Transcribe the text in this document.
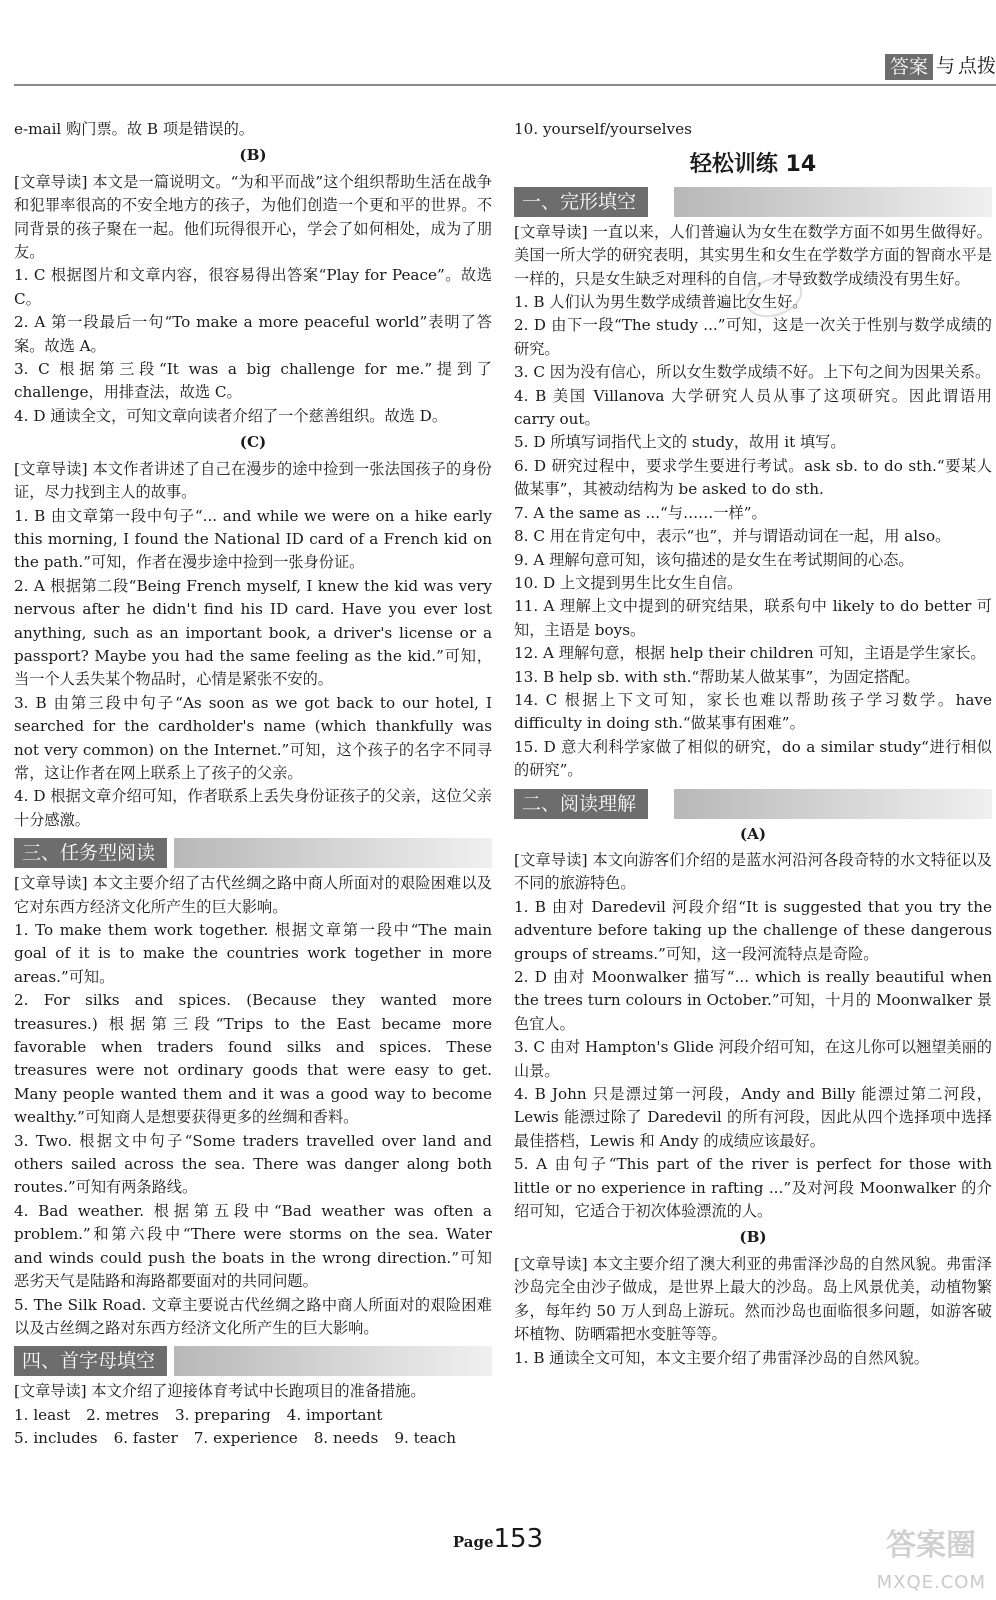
答案 与 点拨

e-mail 购门票。故 B 项是错误的。

(B)

[文章导读] 本文是一篇说明文。“为和平而战”这个组织帮助生活在战争和犯罪率很高的不安全地方的孩子，为他们创造一个更和平的世界。不同背景的孩子聚在一起。他们玩得很开心，学会了如何相处，成为了朋友。

1. C 根据图片和文章内容，很容易得出答案“Play for Peace”。故选 C。

2. A 第一段最后一句“To make a more peaceful world”表明了答案。故选 A。

3. C 根据第三段“It was a big challenge for me.”提到了 challenge，用排查法，故选 C。

4. D 通读全文，可知文章向读者介绍了一个慈善组织。故选 D。

(C)

[文章导读] 本文作者讲述了自己在漫步的途中捡到一张法国孩子的身份证，尽力找到主人的故事。

1. B 由文章第一段中句子“... and while we were on a hike early this morning, I found the National ID card of a French kid on the path.”可知，作者在漫步途中捡到一张身份证。

2. A 根据第二段“Being French myself, I knew the kid was very nervous after he didn't find his ID card. Have you ever lost anything, such as an important book, a driver's license or a passport? Maybe you had the same feeling as the kid.”可知，当一个人丢失某个物品时，心情是紧张不安的。

3. B 由第三段中句子“As soon as we got back to our hotel, I searched for the cardholder's name (which thankfully was not very common) on the Internet.”可知，这个孩子的名字不同寻常，这让作者在网上联系上了孩子的父亲。

4. D 根据文章介绍可知，作者联系上丢失身份证孩子的父亲，这位父亲十分感激。

三、任务型阅读

[文章导读] 本文主要介绍了古代丝绸之路中商人所面对的艰险困难以及它对东西方经济文化所产生的巨大影响。

1. To make them work together. 根据文章第一段中“The main goal of it is to make the countries work together in more areas.”可知。

2. For silks and spices. (Because they wanted more treasures.) 根据第三段“Trips to the East became more favorable when traders found silks and spices. These treasures were not ordinary goods that were easy to get. Many people wanted them and it was a good way to become wealthy.”可知商人是想要获得更多的丝绸和香料。

3. Two. 根据文中句子“Some traders travelled over land and others sailed across the sea. There was danger along both routes.”可知有两条路线。

4. Bad weather. 根据第五段中“Bad weather was often a problem.”和第六段中“There were storms on the sea. Water and winds could push the boats in the wrong direction.”可知恶劣天气是陆路和海路都要面对的共同问题。

5. The Silk Road. 文章主要说古代丝绸之路中商人所面对的艰险困难以及古丝绸之路对东西方经济文化所产生的巨大影响。

四、首字母填空

[文章导读] 本文介绍了迎接体育考试中长跑项目的准备措施。

1. least 2. metres 3. preparing 4. important
5. includes 6. faster 7. experience 8. needs 9. teach

10. yourself/yourselves

轻松训练 14
一、完形填空

[文章导读] 一直以来，人们普遍认为女生在数学方面不如男生做得好。美国一所大学的研究表明，其实男生和女生在学数学方面的智商水平是一样的，只是女生缺乏对理科的自信，才导致数学成绩没有男生好。

1. B 人们认为男生数学成绩普遍比女生好。

2. D 由下一段“The study ...”可知，这是一次关于性别与数学成绩的研究。

3. C 因为没有信心，所以女生数学成绩不好。上下句之间为因果关系。

4. B 美国 Villanova 大学研究人员从事了这项研究。因此谓语用 carry out。

5. D 所填写词指代上文的 study，故用 it 填写。

6. D 研究过程中，要求学生要进行考试。ask sb. to do sth.“要某人做某事”，其被动结构为 be asked to do sth.

7. A the same as ...“与……一样”。

8. C 用在肯定句中，表示“也”，并与谓语动词在一起，用 also。

9. A 理解句意可知，该句描述的是女生在考试期间的心态。

10. D 上文提到男生比女生自信。

11. A 理解上文中提到的研究结果，联系句中 likely to do better 可知，主语是 boys。

12. A 理解句意，根据 help their children 可知，主语是学生家长。

13. B help sb. with sth.“帮助某人做某事”，为固定搭配。

14. C 根据上下文可知，家长也难以帮助孩子学习数学。have difficulty in doing sth.“做某事有困难”。

15. D 意大利科学家做了相似的研究，do a similar study“进行相似的研究”。

二、阅读理解

(A)

[文章导读] 本文向游客们介绍的是蓝水河沿河各段奇特的水文特征以及不同的旅游特色。

1. B 由对 Daredevil 河段介绍“It is suggested that you try the adventure before taking up the challenge of these dangerous groups of streams.”可知，这一段河流特点是奇险。

2. D 由对 Moonwalker 描写“... which is really beautiful when the trees turn colours in October.”可知，十月的 Moonwalker 景色宜人。

3. C 由对 Hampton's Glide 河段介绍可知，在这儿你可以翘望美丽的山景。

4. B John 只是漂过第一河段，Andy and Billy 能漂过第二河段，Lewis 能漂过除了 Daredevil 的所有河段，因此从四个选择项中选择最佳搭档，Lewis 和 Andy 的成绩应该最好。

5. A 由句子“This part of the river is perfect for those with little or no experience in rafting ...”及对河段 Moonwalker 的介绍可知，它适合于初次体验漂流的人。

(B)

[文章导读] 本文主要介绍了澳大利亚的弗雷泽沙岛的自然风貌。弗雷泽沙岛完全由沙子做成，是世界上最大的沙岛。岛上风景优美，动植物繁多，每年约 50 万人到岛上游玩。然而沙岛也面临很多问题，如游客破坏植物、防晒霜把水变脏等等。

1. B 通读全文可知，本文主要介绍了弗雷泽沙岛的自然风貌。

Page153	答案圈
MXQE.COM
